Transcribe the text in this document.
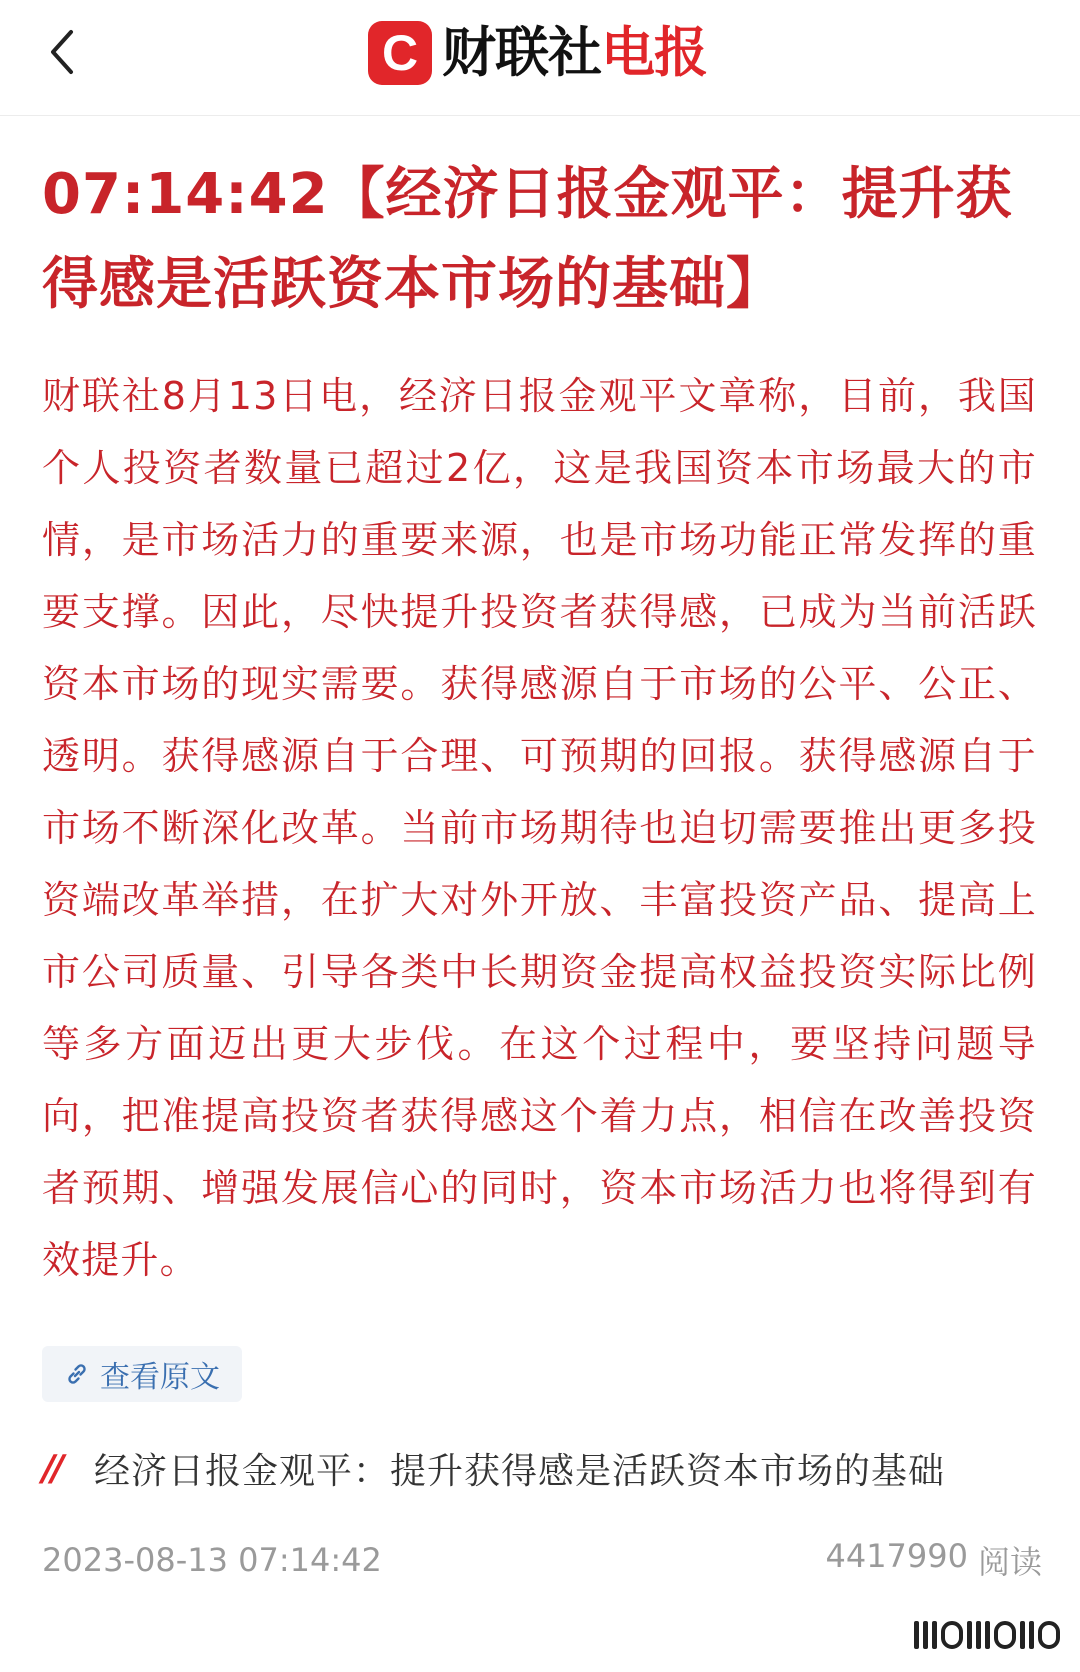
C 财联社电报
07:14:42【经济日报金观平：提升获得感是活跃资本市场的基础】

财联社8月13日电，经济日报金观平文章称，目前，我国个人投资者数量已超过2亿，这是我国资本市场最大的市情，是市场活力的重要来源，也是市场功能正常发挥的重要支撑。因此，尽快提升投资者获得感，已成为当前活跃资本市场的现实需要。获得感源自于市场的公平、公正、透明。获得感源自于合理、可预期的回报。获得感源自于市场不断深化改革。当前市场期待也迫切需要推出更多投资端改革举措，在扩大对外开放、丰富投资产品、提高上市公司质量、引导各类中长期资金提高权益投资实际比例等多方面迈出更大步伐。在这个过程中，要坚持问题导向，把准提高投资者获得感这个着力点，相信在改善投资者预期、增强发展信心的同时，资本市场活力也将得到有效提升。

查看原文
// 经济日报金观平：提升获得感是活跃资本市场的基础
2023-08-13 07:14:42	4417990 阅读
